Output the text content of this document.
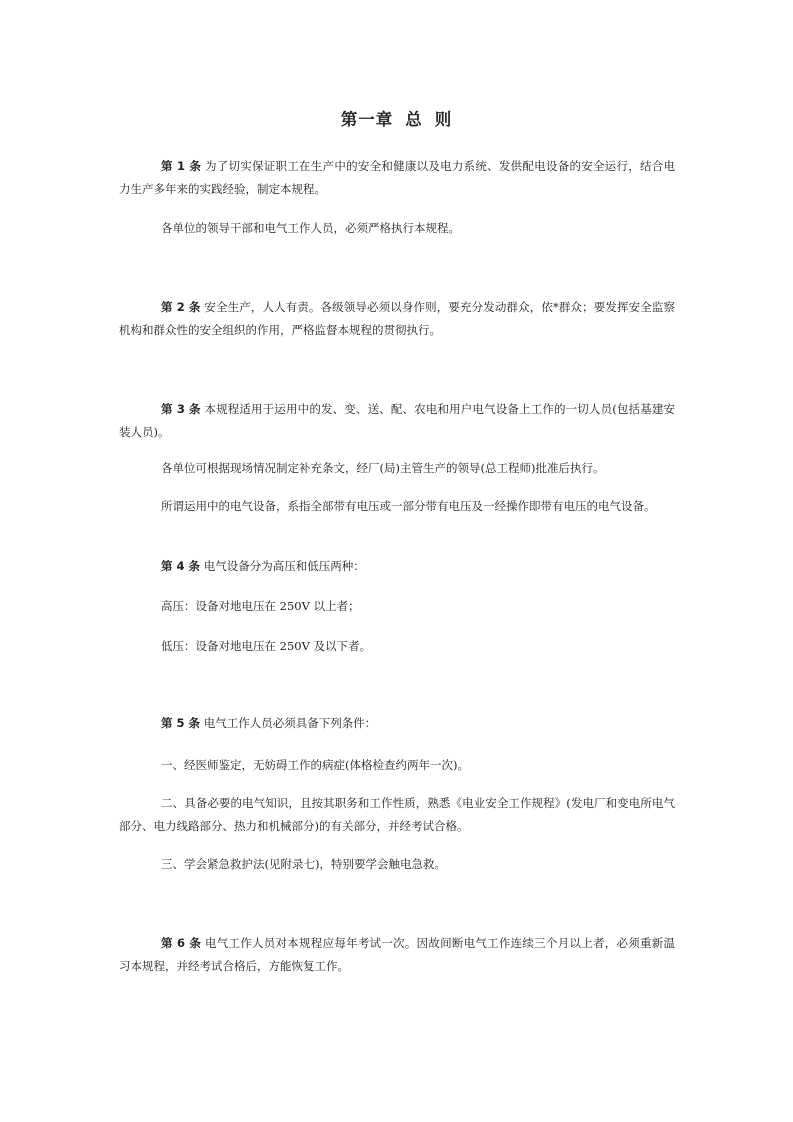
第一章 总 则

第 1 条 为了切实保证职工在生产中的安全和健康以及电力系统、发供配电设备的安全运行，结合电力生产多年来的实践经验，制定本规程。

各单位的领导干部和电气工作人员，必须严格执行本规程。

第 2 条 安全生产，人人有责。各级领导必须以身作则，要充分发动群众，依*群众；要发挥安全监察机构和群众性的安全组织的作用，严格监督本规程的贯彻执行。

第 3 条 本规程适用于运用中的发、变、送、配、农电和用户电气设备上工作的一切人员(包括基建安装人员)。

各单位可根据现场情况制定补充条文，经厂(局)主管生产的领导(总工程师)批准后执行。

所谓运用中的电气设备，系指全部带有电压或一部分带有电压及一经操作即带有电压的电气设备。

第 4 条 电气设备分为高压和低压两种：

高压：设备对地电压在 250V 以上者；

低压：设备对地电压在 250V 及以下者。

第 5 条 电气工作人员必须具备下列条件：

一、经医师鉴定，无妨碍工作的病症(体格检查约两年一次)。

二、具备必要的电气知识，且按其职务和工作性质，熟悉《电业安全工作规程》(发电厂和变电所电气部分、电力线路部分、热力和机械部分)的有关部分，并经考试合格。

三、学会紧急救护法(见附录七)，特别要学会触电急救。

第 6 条 电气工作人员对本规程应每年考试一次。因故间断电气工作连续三个月以上者，必须重新温习本规程，并经考试合格后，方能恢复工作。
